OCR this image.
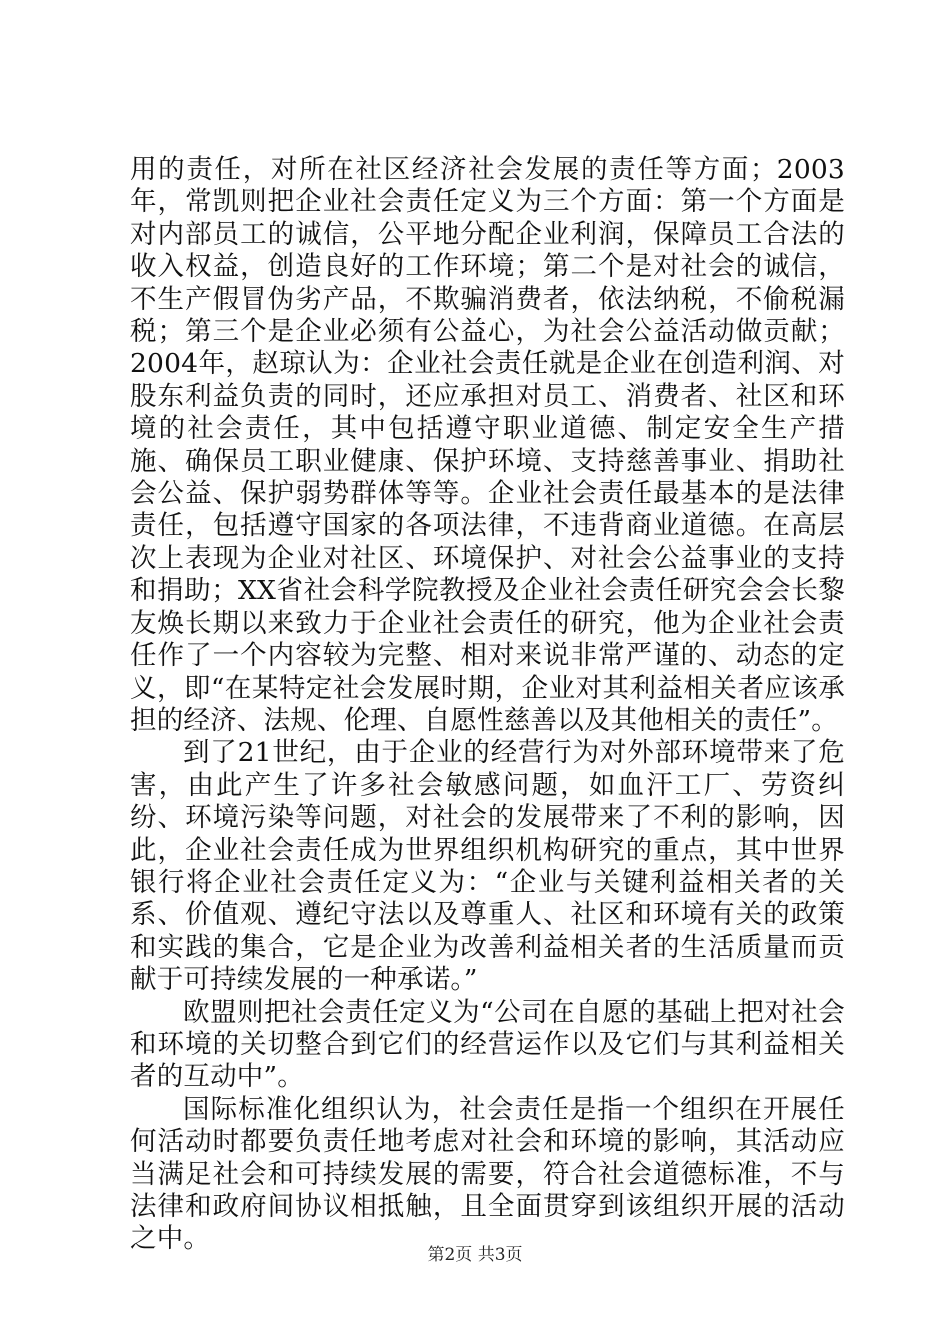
用的责任，对所在社区经济社会发展的责任等方面；2003年，常凯则把企业社会责任定义为三个方面：第一个方面是对内部员工的诚信，公平地分配企业利润，保障员工合法的收入权益，创造良好的工作环境；第二个是对社会的诚信，不生产假冒伪劣产品，不欺骗消费者，依法纳税，不偷税漏税；第三个是企业必须有公益心，为社会公益活动做贡献；2004年，赵琼认为：企业社会责任就是企业在创造利润、对股东利益负责的同时，还应承担对员工、消费者、社区和环境的社会责任，其中包括遵守职业道德、制定安全生产措施、确保员工职业健康、保护环境、支持慈善事业、捐助社会公益、保护弱势群体等等。企业社会责任最基本的是法律责任，包括遵守国家的各项法律，不违背商业道德。在高层次上表现为企业对社区、环境保护、对社会公益事业的支持和捐助；XX省社会科学院教授及企业社会责任研究会会长黎友焕长期以来致力于企业社会责任的研究，他为企业社会责任作了一个内容较为完整、相对来说非常严谨的、动态的定义，即“在某特定社会发展时期，企业对其利益相关者应该承担的经济、法规、伦理、自愿性慈善以及其他相关的责任”。

到了21世纪，由于企业的经营行为对外部环境带来了危害，由此产生了许多社会敏感问题，如血汗工厂、劳资纠纷、环境污染等问题，对社会的发展带来了不利的影响，因此，企业社会责任成为世界组织机构研究的重点，其中世界银行将企业社会责任定义为：“企业与关键利益相关者的关系、价值观、遵纪守法以及尊重人、社区和环境有关的政策和实践的集合，它是企业为改善利益相关者的生活质量而贡献于可持续发展的一种承诺。”

欧盟则把社会责任定义为“公司在自愿的基础上把对社会和环境的关切整合到它们的经营运作以及它们与其利益相关者的互动中”。

国际标准化组织认为，社会责任是指一个组织在开展任何活动时都要负责任地考虑对社会和环境的影响，其活动应当满足社会和可持续发展的需要，符合社会道德标准，不与法律和政府间协议相抵触，且全面贯穿到该组织开展的活动之中。

第2页 共3页
